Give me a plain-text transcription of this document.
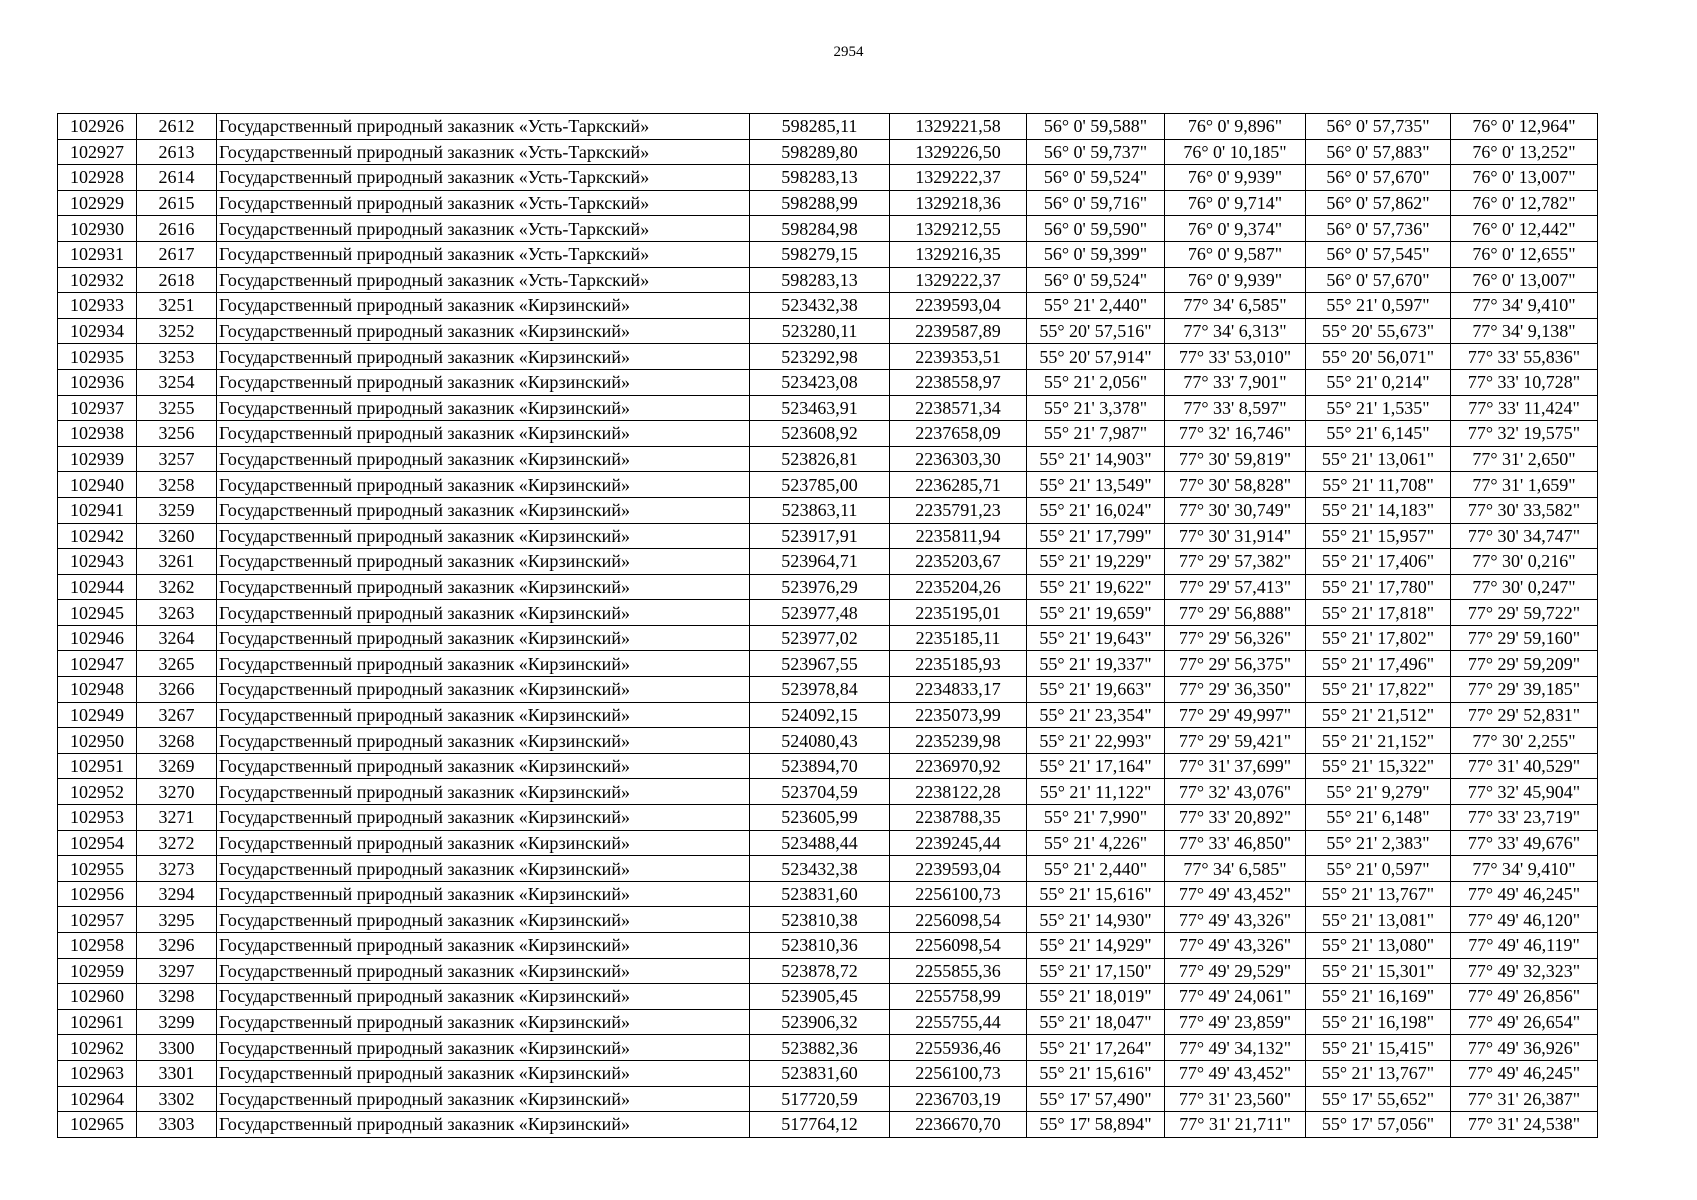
2954
102926	2612	Государственный природный заказник «Усть-Таркский»	598285,11	1329221,58	56° 0' 59,588"	76° 0' 9,896"	56° 0' 57,735"	76° 0' 12,964"
102927	2613	Государственный природный заказник «Усть-Таркский»	598289,80	1329226,50	56° 0' 59,737"	76° 0' 10,185"	56° 0' 57,883"	76° 0' 13,252"
102928	2614	Государственный природный заказник «Усть-Таркский»	598283,13	1329222,37	56° 0' 59,524"	76° 0' 9,939"	56° 0' 57,670"	76° 0' 13,007"
102929	2615	Государственный природный заказник «Усть-Таркский»	598288,99	1329218,36	56° 0' 59,716"	76° 0' 9,714"	56° 0' 57,862"	76° 0' 12,782"
102930	2616	Государственный природный заказник «Усть-Таркский»	598284,98	1329212,55	56° 0' 59,590"	76° 0' 9,374"	56° 0' 57,736"	76° 0' 12,442"
102931	2617	Государственный природный заказник «Усть-Таркский»	598279,15	1329216,35	56° 0' 59,399"	76° 0' 9,587"	56° 0' 57,545"	76° 0' 12,655"
102932	2618	Государственный природный заказник «Усть-Таркский»	598283,13	1329222,37	56° 0' 59,524"	76° 0' 9,939"	56° 0' 57,670"	76° 0' 13,007"
102933	3251	Государственный природный заказник «Кирзинский»	523432,38	2239593,04	55° 21' 2,440"	77° 34' 6,585"	55° 21' 0,597"	77° 34' 9,410"
102934	3252	Государственный природный заказник «Кирзинский»	523280,11	2239587,89	55° 20' 57,516"	77° 34' 6,313"	55° 20' 55,673"	77° 34' 9,138"
102935	3253	Государственный природный заказник «Кирзинский»	523292,98	2239353,51	55° 20' 57,914"	77° 33' 53,010"	55° 20' 56,071"	77° 33' 55,836"
102936	3254	Государственный природный заказник «Кирзинский»	523423,08	2238558,97	55° 21' 2,056"	77° 33' 7,901"	55° 21' 0,214"	77° 33' 10,728"
102937	3255	Государственный природный заказник «Кирзинский»	523463,91	2238571,34	55° 21' 3,378"	77° 33' 8,597"	55° 21' 1,535"	77° 33' 11,424"
102938	3256	Государственный природный заказник «Кирзинский»	523608,92	2237658,09	55° 21' 7,987"	77° 32' 16,746"	55° 21' 6,145"	77° 32' 19,575"
102939	3257	Государственный природный заказник «Кирзинский»	523826,81	2236303,30	55° 21' 14,903"	77° 30' 59,819"	55° 21' 13,061"	77° 31' 2,650"
102940	3258	Государственный природный заказник «Кирзинский»	523785,00	2236285,71	55° 21' 13,549"	77° 30' 58,828"	55° 21' 11,708"	77° 31' 1,659"
102941	3259	Государственный природный заказник «Кирзинский»	523863,11	2235791,23	55° 21' 16,024"	77° 30' 30,749"	55° 21' 14,183"	77° 30' 33,582"
102942	3260	Государственный природный заказник «Кирзинский»	523917,91	2235811,94	55° 21' 17,799"	77° 30' 31,914"	55° 21' 15,957"	77° 30' 34,747"
102943	3261	Государственный природный заказник «Кирзинский»	523964,71	2235203,67	55° 21' 19,229"	77° 29' 57,382"	55° 21' 17,406"	77° 30' 0,216"
102944	3262	Государственный природный заказник «Кирзинский»	523976,29	2235204,26	55° 21' 19,622"	77° 29' 57,413"	55° 21' 17,780"	77° 30' 0,247"
102945	3263	Государственный природный заказник «Кирзинский»	523977,48	2235195,01	55° 21' 19,659"	77° 29' 56,888"	55° 21' 17,818"	77° 29' 59,722"
102946	3264	Государственный природный заказник «Кирзинский»	523977,02	2235185,11	55° 21' 19,643"	77° 29' 56,326"	55° 21' 17,802"	77° 29' 59,160"
102947	3265	Государственный природный заказник «Кирзинский»	523967,55	2235185,93	55° 21' 19,337"	77° 29' 56,375"	55° 21' 17,496"	77° 29' 59,209"
102948	3266	Государственный природный заказник «Кирзинский»	523978,84	2234833,17	55° 21' 19,663"	77° 29' 36,350"	55° 21' 17,822"	77° 29' 39,185"
102949	3267	Государственный природный заказник «Кирзинский»	524092,15	2235073,99	55° 21' 23,354"	77° 29' 49,997"	55° 21' 21,512"	77° 29' 52,831"
102950	3268	Государственный природный заказник «Кирзинский»	524080,43	2235239,98	55° 21' 22,993"	77° 29' 59,421"	55° 21' 21,152"	77° 30' 2,255"
102951	3269	Государственный природный заказник «Кирзинский»	523894,70	2236970,92	55° 21' 17,164"	77° 31' 37,699"	55° 21' 15,322"	77° 31' 40,529"
102952	3270	Государственный природный заказник «Кирзинский»	523704,59	2238122,28	55° 21' 11,122"	77° 32' 43,076"	55° 21' 9,279"	77° 32' 45,904"
102953	3271	Государственный природный заказник «Кирзинский»	523605,99	2238788,35	55° 21' 7,990"	77° 33' 20,892"	55° 21' 6,148"	77° 33' 23,719"
102954	3272	Государственный природный заказник «Кирзинский»	523488,44	2239245,44	55° 21' 4,226"	77° 33' 46,850"	55° 21' 2,383"	77° 33' 49,676"
102955	3273	Государственный природный заказник «Кирзинский»	523432,38	2239593,04	55° 21' 2,440"	77° 34' 6,585"	55° 21' 0,597"	77° 34' 9,410"
102956	3294	Государственный природный заказник «Кирзинский»	523831,60	2256100,73	55° 21' 15,616"	77° 49' 43,452"	55° 21' 13,767"	77° 49' 46,245"
102957	3295	Государственный природный заказник «Кирзинский»	523810,38	2256098,54	55° 21' 14,930"	77° 49' 43,326"	55° 21' 13,081"	77° 49' 46,120"
102958	3296	Государственный природный заказник «Кирзинский»	523810,36	2256098,54	55° 21' 14,929"	77° 49' 43,326"	55° 21' 13,080"	77° 49' 46,119"
102959	3297	Государственный природный заказник «Кирзинский»	523878,72	2255855,36	55° 21' 17,150"	77° 49' 29,529"	55° 21' 15,301"	77° 49' 32,323"
102960	3298	Государственный природный заказник «Кирзинский»	523905,45	2255758,99	55° 21' 18,019"	77° 49' 24,061"	55° 21' 16,169"	77° 49' 26,856"
102961	3299	Государственный природный заказник «Кирзинский»	523906,32	2255755,44	55° 21' 18,047"	77° 49' 23,859"	55° 21' 16,198"	77° 49' 26,654"
102962	3300	Государственный природный заказник «Кирзинский»	523882,36	2255936,46	55° 21' 17,264"	77° 49' 34,132"	55° 21' 15,415"	77° 49' 36,926"
102963	3301	Государственный природный заказник «Кирзинский»	523831,60	2256100,73	55° 21' 15,616"	77° 49' 43,452"	55° 21' 13,767"	77° 49' 46,245"
102964	3302	Государственный природный заказник «Кирзинский»	517720,59	2236703,19	55° 17' 57,490"	77° 31' 23,560"	55° 17' 55,652"	77° 31' 26,387"
102965	3303	Государственный природный заказник «Кирзинский»	517764,12	2236670,70	55° 17' 58,894"	77° 31' 21,711"	55° 17' 57,056"	77° 31' 24,538"
